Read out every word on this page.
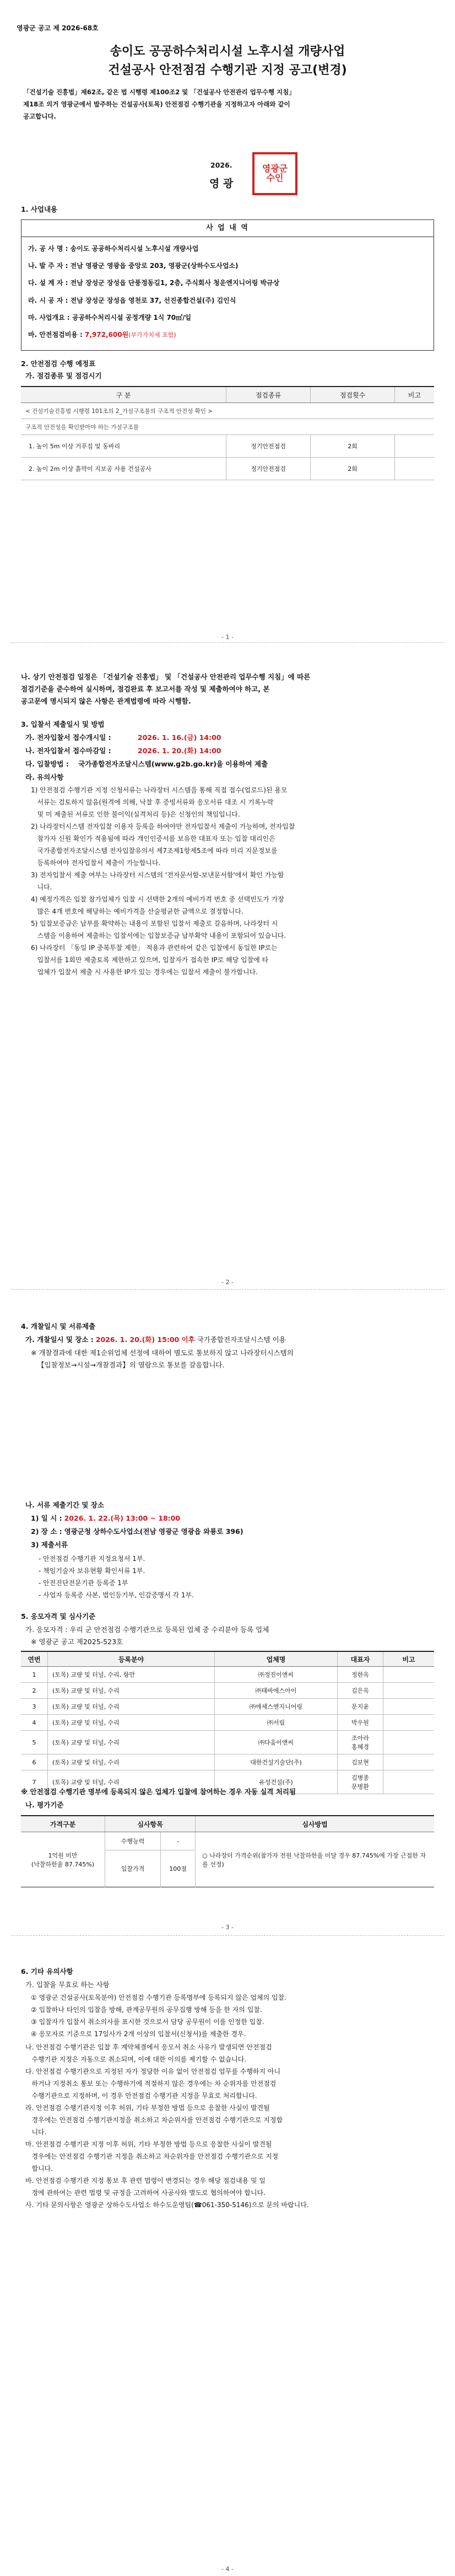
영광군 공고 제 2026-68호

송이도 공공하수처리시설 노후시설 개량사업

건설공사 안전점검 수행기관 지정 공고(변경)

「건설기술 진흥법」제62조, 같은 법 시행령 제100조2 및 「건설공사 안전관리 업무수행 지침」

제18조 의거 영광군에서 발주하는 건설공사(토목) 안전점검 수행기관을 지정하고자 아래와 같이

공고합니다.

2026.

영 광

영광군수인

1. 사업내용

사 업 내 역
가. 공 사 명 : 송이도 공공하수처리시설 노후시설 개량사업
나. 발 주 자 : 전남 영광군 영광읍 중앙로 203, 영광군(상하수도사업소)
다. 설 계 자 : 전남 장성군 장성읍 단풍정동길1, 2층, 주식회사 청운엔지니어링 박규상
라. 시 공 자 : 전남 장성군 장성읍 영천로 37, 선진종합건설(주) 김인식
마. 사업개요 : 공공하수처리시설 공정개량 1식 70㎥/일
바. 안전점검비용 : 7,972,600원(부가가치세 포함)

2. 안전점검 수행 예정표

가. 점검종류 및 점검시기

구 분	점검종류	점검횟수	비고
< 건설기술진흥법 시행령 101조의 2_가설구조물의 구조적 안전성 확인 >			
구조적 안전성을 확인받아야 하는 가설구조물			
1. 높이 5m 이상 거푸집 및 동바리	정기안전점검	2회	
2. 높이 2m 이상 흙막이 지보공 사용 건설공사	정기안전점검	2회	

- 1 -

나. 상기 안전점검 일정은 「건설기술 진흥법」 및 「건설공사 안전관리 업무수행 지침」에 따른

점검기준을 준수하여 실시하며, 점검완료 후 보고서를 작성 및 제출하여야 하고, 본

공고문에 명시되지 않은 사항은 관계법령에 따라 시행함.

3. 입찰서 제출일시 및 방법

가. 전자입찰서 접수개시일 :	2026. 1. 16.(금) 14:00

나. 전자입찰서 접수마감일 :	2026. 1. 20.(화) 14:00

다. 입찰방법 : 국가종합전자조달시스템(www.g2b.go.kr)을 이용하여 제출

라. 유의사항

1) 안전점검 수행기관 지정 신청서류는 나라장터 시스템을 통해 직접 접수(업로드)된 용모
서류는 검토하지 않음(원격에 의해, 낙찰 후 증빙서류와 응모서류 대조 시 기록누락
및 미 제출된 서류로 인한 불이익(실격처리 등)은 신청인의 책임입니다.
2) 나라장터시스템 전자입찰 이용자 등록을 하여야만 전자입찰서 제출이 가능하며, 전자입찰
참가자 신원 확인가 적용됨에 따라 개인인증서를 보유한 대표자 또는 입찰 대리인은
국가종합전자조달시스템 전자입찰유의서 제7조제1항제5조에 따라 미리 지문정보를
등록하여야 전자입찰서 제출이 가능합니다.
3) 전자입찰서 제출 여부는 나라장터 시스템의 '전자문서함-보낸문서함'에서 확인 가능함
니다.
4) 예정가격은 입찰 참가업체가 입찰 시 선택한 2개의 예비가격 번호 중 선택빈도가 가장
많은 4개 번호에 해당하는 예비가격을 산술평균한 금액으로 결정합니다.
5) 입찰보증금은 납부를 확약하는 내용이 포함된 입찰서 제출로 갈음하며, 나라장터 시
스템을 이용하여 제출하는 입찰서에는 입찰보증금 납부확약 내용이 포함되어 있습니다.
6) 나라장터 「동일 IP 중복투찰 제한」 적용과 관련하여 같은 입찰에서 동일한 IP로는
입찰서를 1회만 제출토록 제한하고 있으며, 입찰자가 접속한 IP로 해당 입찰에 타
업체가 입찰서 제출 시 사용한 IP가 있는 경우에는 입찰서 제출이 불가합니다.

- 2 -

4. 개찰일시 및 서류제출

가. 개찰일시 및 장소 : 2026. 1. 20.(화) 15:00 이후 국가종합전자조달시스템 이용

※ 개찰결과에 대한 제1순위업체 선정에 대하여 별도로 통보하지 않고 나라장터시스템의

【입찰정보→시설→개찰결과】의 열람으로 통보를 갈음합니다.

나. 서류 제출기간 및 장소

1) 일 시 : 2026. 1. 22.(목) 13:00 ~ 18:00

2) 장 소 : 영광군청 상하수도사업소(전남 영광군 영광읍 와룡로 396)

3) 제출서류

- 안전점검 수행기관 지정요청서 1부.
- 책임기술자 보유현황 확인서류 1부.
- 안전진단전문기관 등록증 1부
- 사업자 등록증 사본, 법인등기부, 인감증명서 각 1부.

5. 응모자격 및 심사기준

가. 응모자격 : 우리 군 안전점검 수행기관으로 등록된 업체 중 수리분야 등록 업체

※ 영광군 공고 제2025-523호

연번	등록분야	업체명	대표자	비고
1	(토목) 교량 및 터널, 수리, 항만	㈜정진이앤씨	정한옥	
2	(토목) 교량 및 터널, 수리	㈜태바에스아이	김은옥	
3	(토목) 교량 및 터널, 수리	㈜에세스엔지니어링	문지윤	
4	(토목) 교량 및 터널, 수리	㈜서림	박우원	
5	(토목) 교량 및 터널, 수리	㈜다움이앤씨	조아라
홍혜경	
6	(토목) 교량 및 터널, 수리	대한건설기술단(주)	김보현	
7	(토목) 교량 및 터널, 수리	유성건설(주)	김병종
문병환	

※ 안전점검 수행기관 명부에 등록되지 않은 업체가 입찰에 참여하는 경우 자동 실격 처리됨

나. 평가기준

가격구분	심사항목		심사방법
1억원 미만
(낙찰하한율 87.745%)	수행능력	-	○ 나라장터 가격순위(참가자 전원 낙찰하한율 미달 경우 87.745%에 가장 근접한 자를 선정)
	입찰가격	100점	

- 3 -

6. 기타 유의사항

가. 입찰을 무효로 하는 사항

① 영광군 건설공사(토목분야) 안전점검 수행기관 등록명부에 등록되지 않은 업체의 입찰.
② 입찰하나 타인의 입찰을 방해, 관계공무원의 공무집행 방해 등을 한 자의 입찰.
③ 입찰자가 입찰서 취소의사를 표시한 것으로서 담당 공무원이 이를 인정한 입찰.
④ 응모자로 기준으로 17일사가 2개 이상의 입찰서(신청서)를 제출한 경우.
나. 안전점검 수행기관은 입찰 후 계약체결에서 응모서 취소 사유가 발생되면 안전점검
수행기관 지정은 자동으로 취소되며, 이에 대한 이의를 제기할 수 없습니다.
다. 안전점검 수행기관으로 지정된 자가 정당한 이유 없이 안전점검 업무를 수행하지 아니
하거나 지정취소 통보 또는 수행하기에 적절하지 않은 경우에는 차 순위자를 안전점검
수행기관으로 지정하며, 이 경우 안전점검 수행기관 지정을 무효로 처리합니다.
라. 안전점검 수행기관지정 이후 허위, 기타 부정한 방법 등으로 응찰한 사실이 발견될
경우에는 안전점검 수행기관지정을 취소하고 차순위자를 안전점검 수행기관으로 지정합
니다.
마. 안전점검 수행기관 지정 이후 허위, 기타 부정한 방법 등으로 응찰한 사실이 발견될
경우에는 안전점검 수행기관 지정을 취소하고 차순위자를 안전점검 수행기관으로 지정
합니다.
바. 안전점검 수행기관 지정 통보 후 관련 법령이 변경되는 경우 해당 점검내용 및 일
정에 관하여는 관련 법령 및 규정을 고려하여 사공사와 별도로 협의하여야 합니다.
사. 기타 문의사항은 영광군 상하수도사업소 하수도운영팀(☎061-350-5146)으로 문의 바랍니다.

- 4 -
